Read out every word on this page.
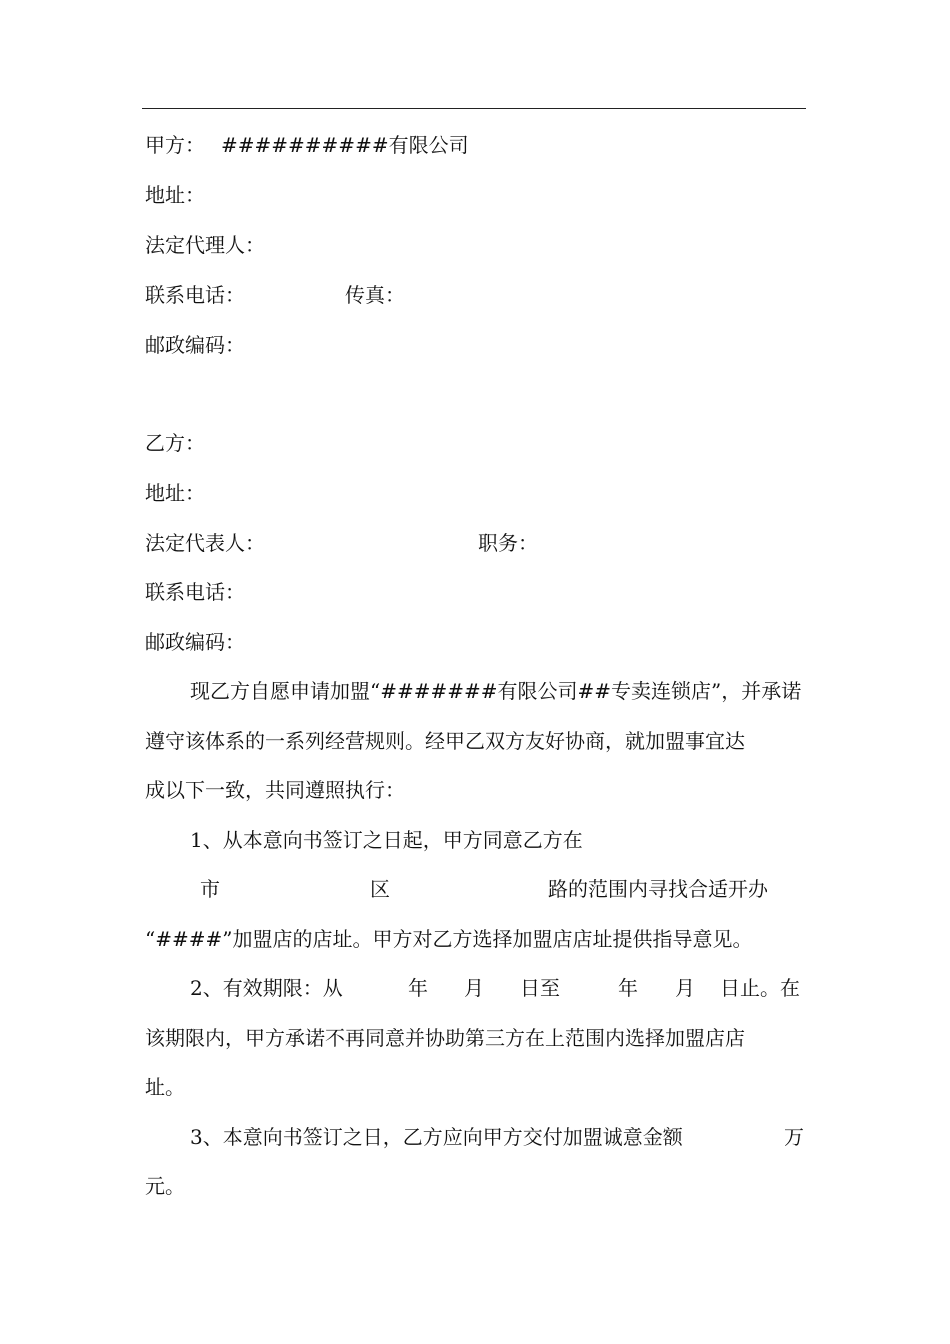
甲方： ##########有限公司
地址：
法定代理人：
联系电话：	传真：
邮政编码：
乙方：
地址：
法定代表人：	职务：
联系电话：
邮政编码：
现乙方自愿申请加盟“#######有限公司##专卖连锁店”，并承诺
遵守该体系的一系列经营规则。经甲乙双方友好协商，就加盟事宜达
成以下一致，共同遵照执行：
1、从本意向书签订之日起，甲方同意乙方在
市	区	路的范围内寻找合适开办
“####”加盟店的店址。甲方对乙方选择加盟店店址提供指导意见。
2、有效期限：从	年 月 日至	年 月 日止。在
该期限内，甲方承诺不再同意并协助第三方在上范围内选择加盟店店
址。
3、本意向书签订之日，乙方应向甲方交付加盟诚意金额	万
元。
